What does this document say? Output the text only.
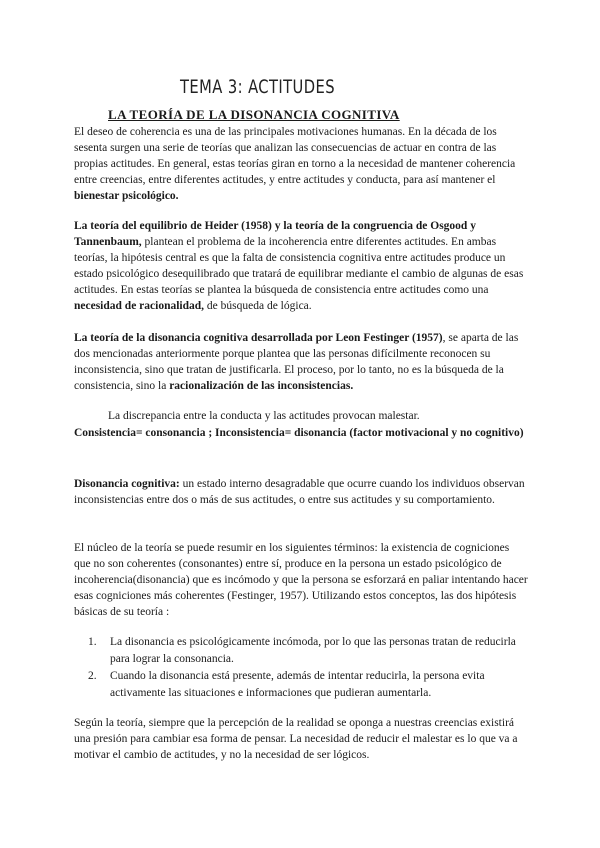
TEMA 3: ACTITUDES
LA TEORÍA DE LA DISONANCIA COGNITIVA

El deseo de coherencia es una de las principales motivaciones humanas. En la década de los sesenta surgen una serie de teorías que analizan las consecuencias de actuar en contra de las propias actitudes. En general, estas teorías giran en torno a la necesidad de mantener coherencia entre creencias, entre diferentes actitudes, y entre actitudes y conducta, para así mantener el bienestar psicológico.

La teoría del equilibrio de Heider (1958) y la teoría de la congruencia de Osgood y Tannenbaum, plantean el problema de la incoherencia entre diferentes actitudes. En ambas teorías, la hipótesis central es que la falta de consistencia cognitiva entre actitudes produce un estado psicológico desequilibrado que tratará de equilibrar mediante el cambio de algunas de esas actitudes. En estas teorías se plantea la búsqueda de consistencia entre actitudes como una necesidad de racionalidad, de búsqueda de lógica.

La teoría de la disonancia cognitiva desarrollada por Leon Festinger (1957), se aparta de las dos mencionadas anteriormente porque plantea que las personas difícilmente reconocen su inconsistencia, sino que tratan de justificarla. El proceso, por lo tanto, no es la búsqueda de la consistencia, sino la racionalización de las inconsistencias.

La discrepancia entre la conducta y las actitudes provocan malestar.

Consistencia= consonancia ; Inconsistencia= disonancia (factor motivacional y no cognitivo)

Disonancia cognitiva: un estado interno desagradable que ocurre cuando los individuos observan inconsistencias entre dos o más de sus actitudes, o entre sus actitudes y su comportamiento.

El núcleo de la teoría se puede resumir en los siguientes términos: la existencia de cogniciones que no son coherentes (consonantes) entre sí, produce en la persona un estado psicológico de incoherencia(disonancia) que es incómodo y que la persona se esforzará en paliar intentando hacer esas cogniciones más coherentes (Festinger, 1957). Utilizando estos conceptos, las dos hipótesis básicas de su teoría :

1. La disonancia es psicológicamente incómoda, por lo que las personas tratan de reducirla para lograr la consonancia.
2. Cuando la disonancia está presente, además de intentar reducirla, la persona evita activamente las situaciones e informaciones que pudieran aumentarla.

Según la teoría, siempre que la percepción de la realidad se oponga a nuestras creencias existirá una presión para cambiar esa forma de pensar. La necesidad de reducir el malestar es lo que va a motivar el cambio de actitudes, y no la necesidad de ser lógicos.
